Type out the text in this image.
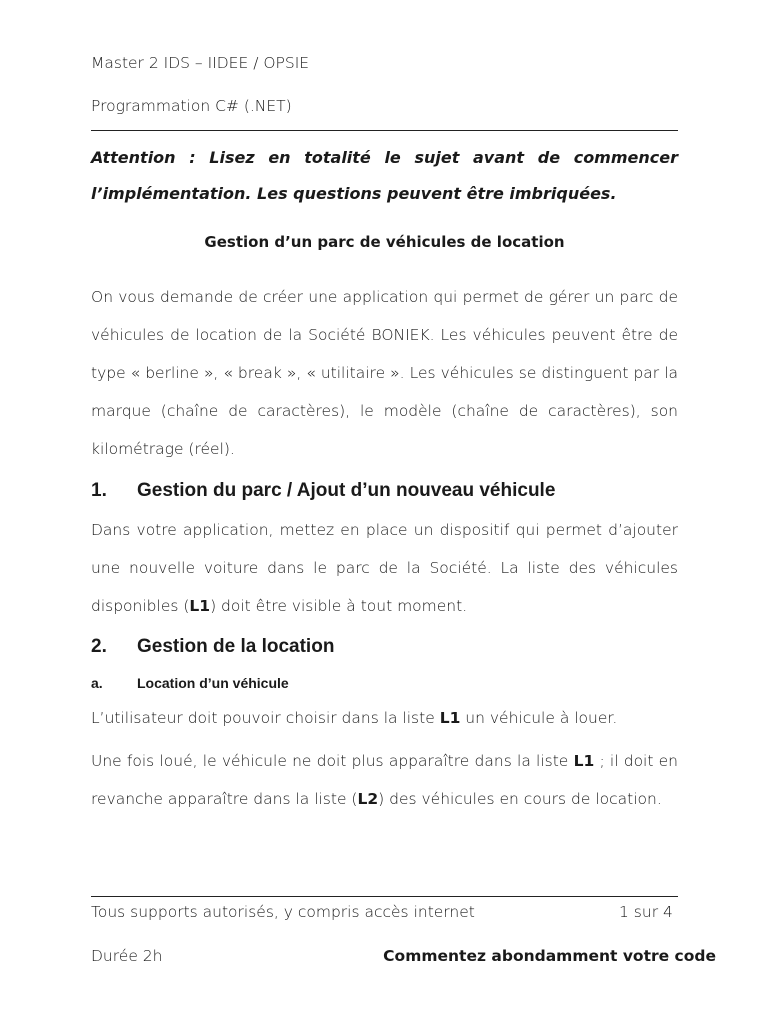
Master 2 IDS – IIDEE / OPSIE
Programmation C# (.NET)
Attention : Lisez en totalité le sujet avant de commencer l’implémentation. Les questions peuvent être imbriquées.
Gestion d’un parc de véhicules de location
On vous demande de créer une application qui permet de gérer un parc de véhicules de location de la Société BONIEK. Les véhicules peuvent être de type « berline », « break », « utilitaire ». Les véhicules se distinguent par la marque (chaîne de caractères), le modèle (chaîne de caractères), son kilométrage (réel).
1. Gestion du parc / Ajout d’un nouveau véhicule
Dans votre application, mettez en place un dispositif qui permet d’ajouter une nouvelle voiture dans le parc de la Société. La liste des véhicules disponibles (L1) doit être visible à tout moment.
2. Gestion de la location
a. Location d’un véhicule
L’utilisateur doit pouvoir choisir dans la liste L1 un véhicule à louer.
Une fois loué, le véhicule ne doit plus apparaître dans la liste L1 ; il doit en revanche apparaître dans la liste (L2) des véhicules en cours de location.
Tous supports autorisés, y compris accès internet	1 sur 4
Durée 2h	Commentez abondamment votre code
